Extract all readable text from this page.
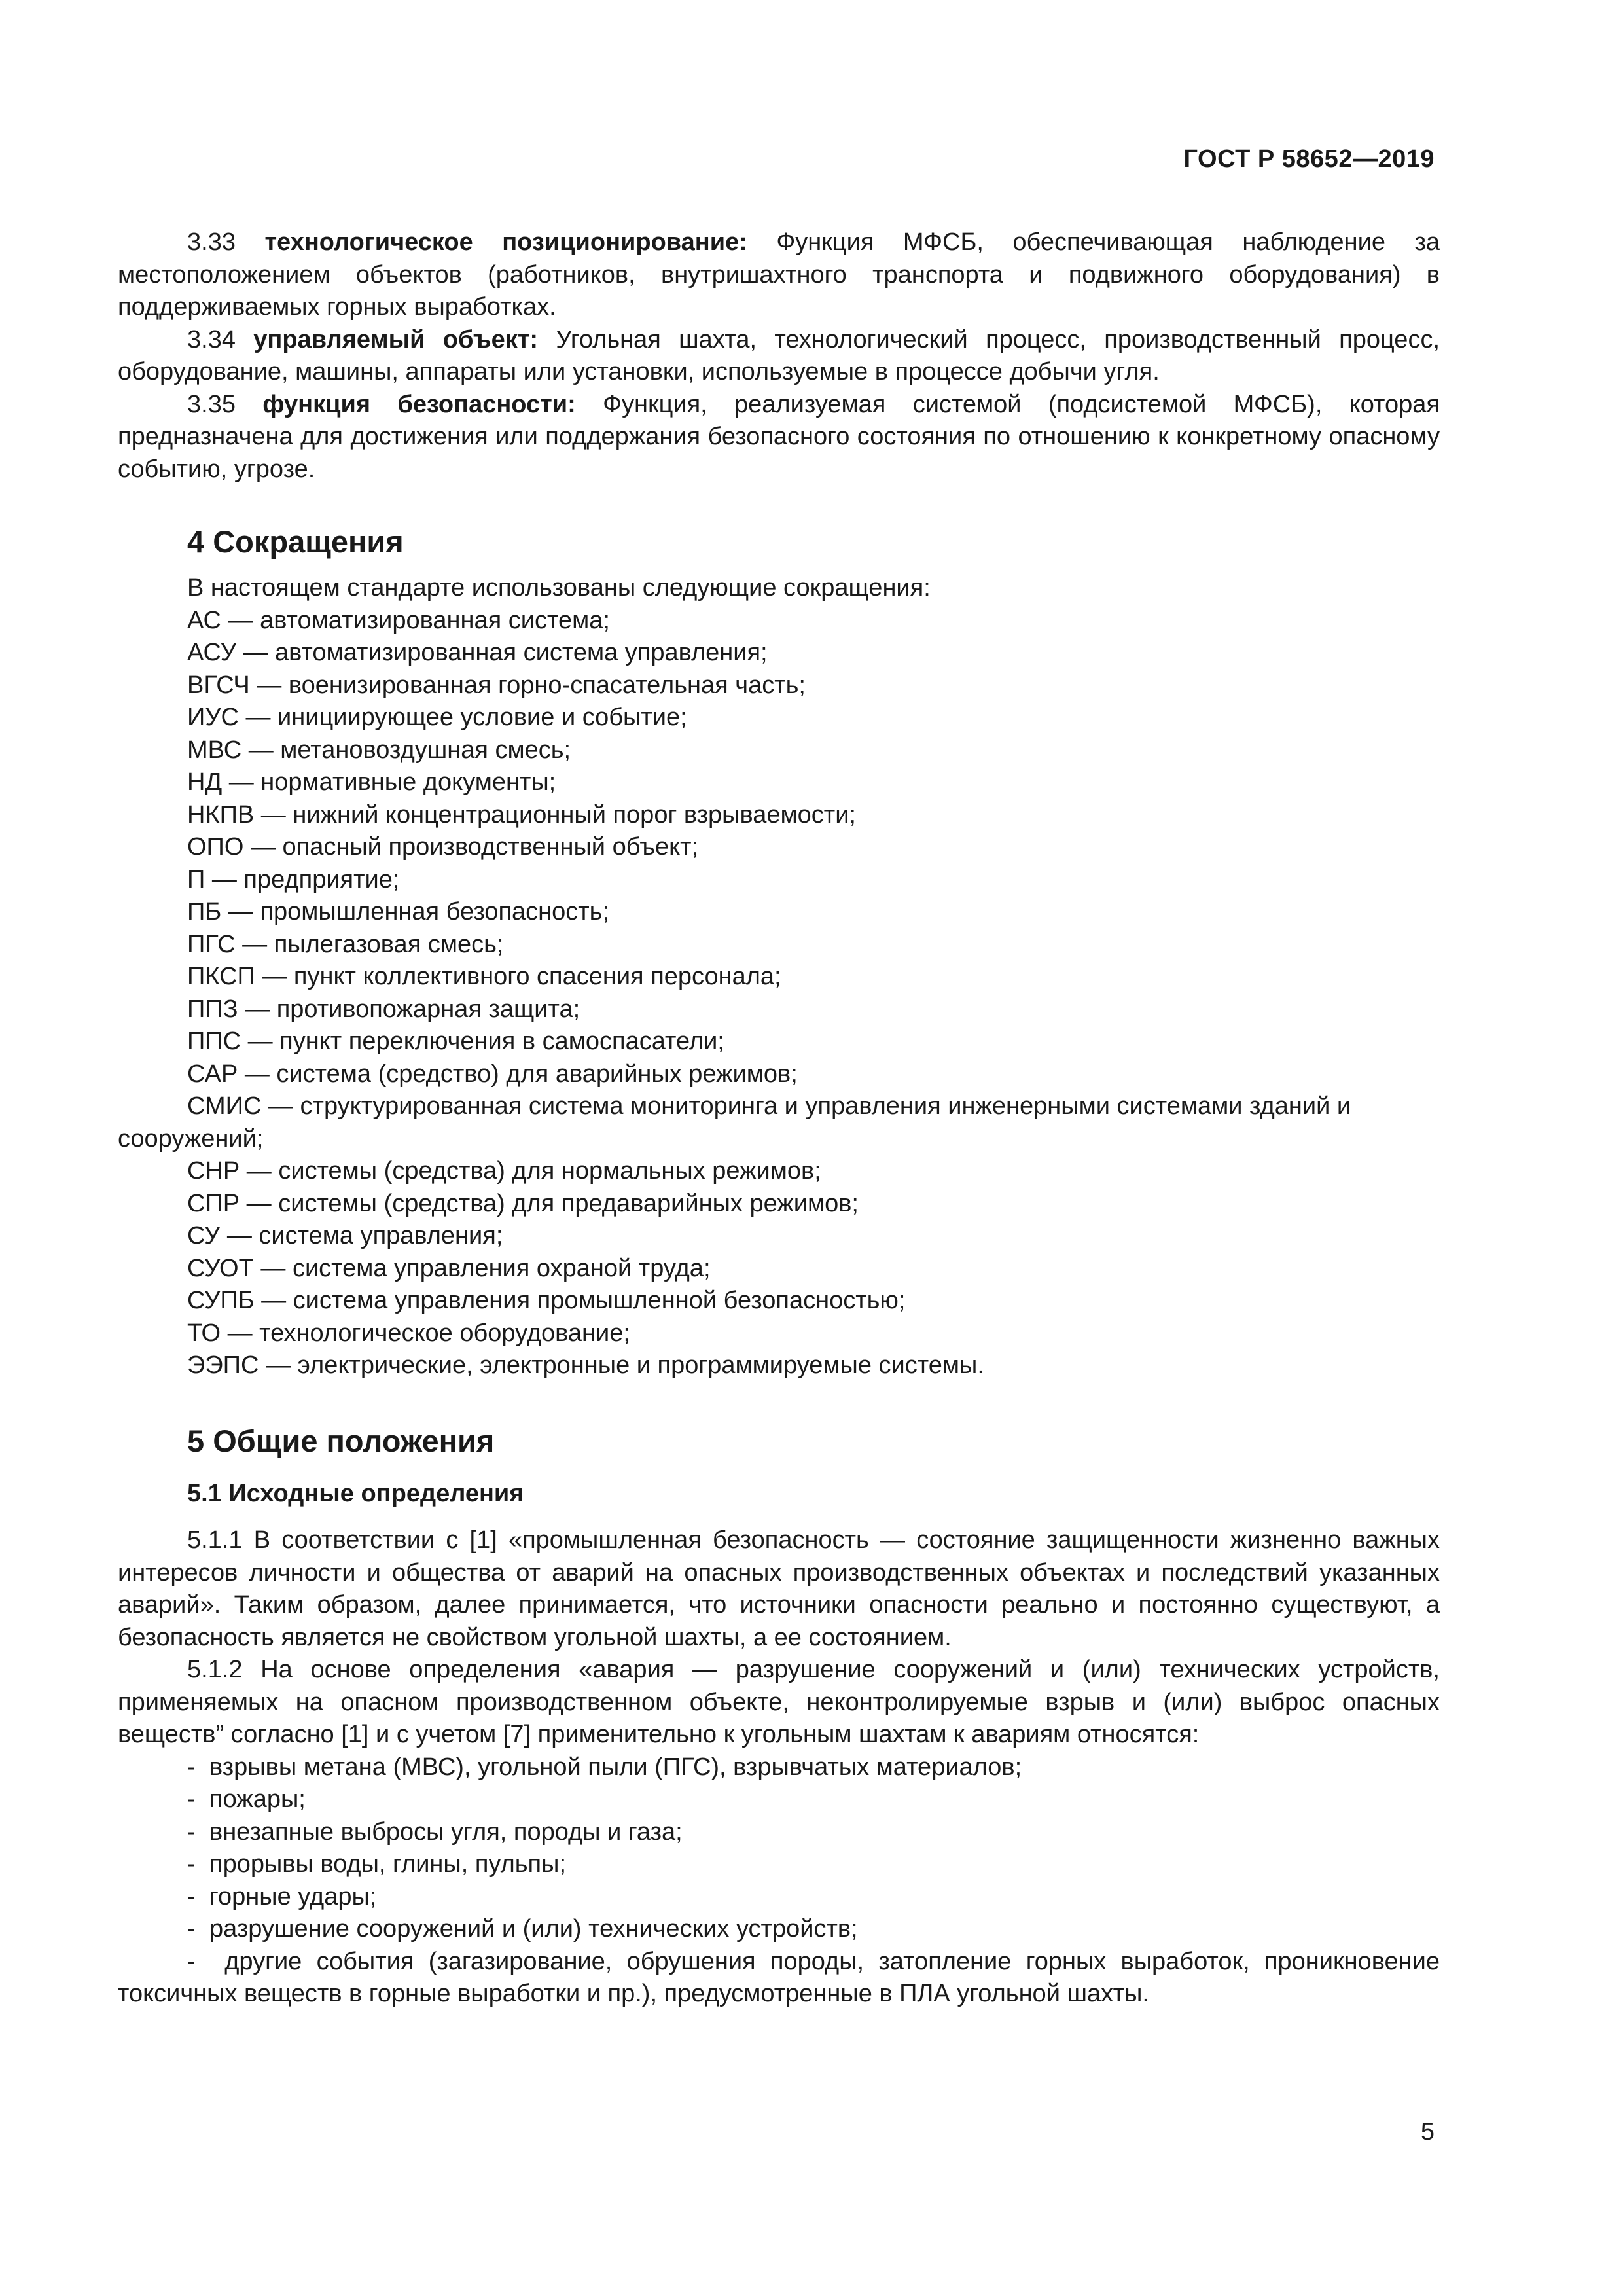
ГОСТ Р 58652—2019

3.33 технологическое позиционирование: Функция МФСБ, обеспечивающая наблюдение за местоположением объектов (работников, внутришахтного транспорта и подвижного оборудования) в поддерживаемых горных выработках.

3.34 управляемый объект: Угольная шахта, технологический процесс, производственный процесс, оборудование, машины, аппараты или установки, используемые в процессе добычи угля.

3.35 функция безопасности: Функция, реализуемая системой (подсистемой МФСБ), которая предназначена для достижения или поддержания безопасного состояния по отношению к конкретному опасному событию, угрозе.

4 Сокращения

В настоящем стандарте использованы следующие сокращения:

АС — автоматизированная система;

АСУ — автоматизированная система управления;

ВГСЧ — военизированная горно-спасательная часть;

ИУС — инициирующее условие и событие;

МВС — метановоздушная смесь;

НД — нормативные документы;

НКПВ — нижний концентрационный порог взрываемости;

ОПО — опасный производственный объект;

П — предприятие;

ПБ — промышленная безопасность;

ПГС — пылегазовая смесь;

ПКСП — пункт коллективного спасения персонала;

ППЗ — противопожарная защита;

ППС — пункт переключения в самоспасатели;

САР — система (средство) для аварийных режимов;

СМИС — структурированная система мониторинга и управления инженерными системами зданий и сооружений;

СНР — системы (средства) для нормальных режимов;

СПР — системы (средства) для предаварийных режимов;

СУ — система управления;

СУОТ — система управления охраной труда;

СУПБ — система управления промышленной безопасностью;

ТО — технологическое оборудование;

ЭЭПС — электрические, электронные и программируемые системы.

5 Общие положения
5.1 Исходные определения

5.1.1 В соответствии с [1] «промышленная безопасность — состояние защищенности жизненно важных интересов личности и общества от аварий на опасных производственных объектах и последствий указанных аварий». Таким образом, далее принимается, что источники опасности реально и постоянно существуют, а безопасность является не свойством угольной шахты, а ее состоянием.

5.1.2 На основе определения «авария — разрушение сооружений и (или) технических устройств, применяемых на опасном производственном объекте, неконтролируемые взрыв и (или) выброс опасных веществ” согласно [1] и с учетом [7] применительно к угольным шахтам к авариям относятся:

- взрывы метана (МВС), угольной пыли (ПГС), взрывчатых материалов;

- пожары;

- внезапные выбросы угля, породы и газа;

- прорывы воды, глины, пульпы;

- горные удары;

- разрушение сооружений и (или) технических устройств;

- другие события (загазирование, обрушения породы, затопление горных выработок, проникновение токсичных веществ в горные выработки и пр.), предусмотренные в ПЛА угольной шахты.

5
